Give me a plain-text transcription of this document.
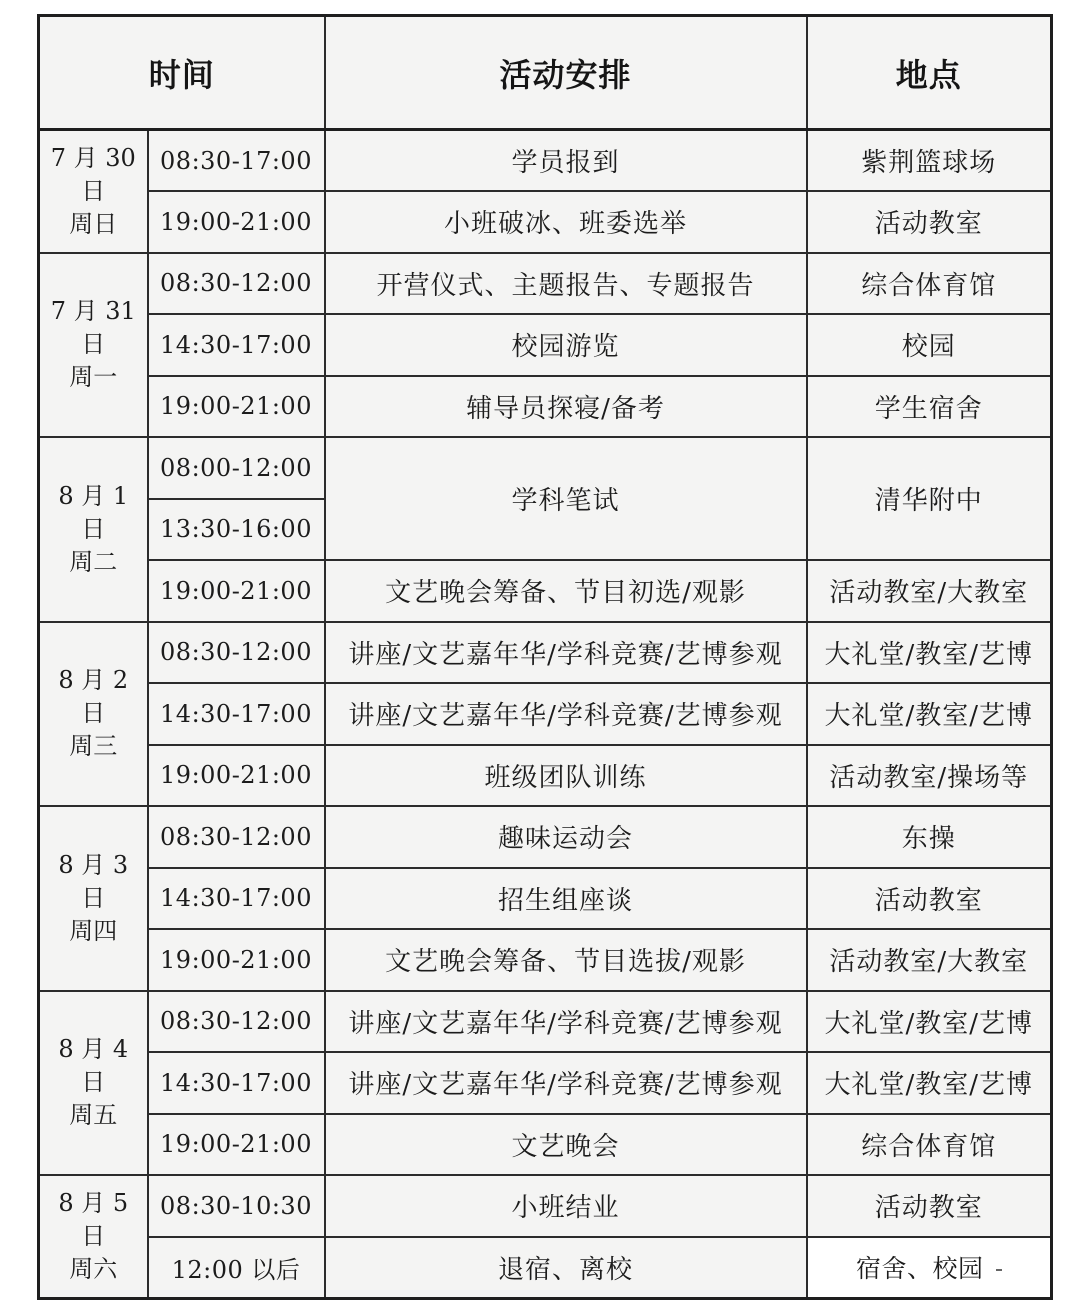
时间		活动安排	地点

7 月 30
日
周日	08:30-17:00	学员报到	紫荆篮球场
	19:00-21:00	小班破冰、班委选举	活动教室

7 月 31
日
周一	08:30-12:00	开营仪式、主题报告、专题报告	综合体育馆
	14:30-17:00	校园游览	校园
	19:00-21:00	辅导员探寝/备考	学生宿舍

8 月 1
日
周二	08:00-12:00	学科笔试	清华附中
	13:30-16:00		
	19:00-21:00	文艺晚会筹备、节目初选/观影	活动教室/大教室

8 月 2
日
周三	08:30-12:00	讲座/文艺嘉年华/学科竞赛/艺博参观	大礼堂/教室/艺博
	14:30-17:00	讲座/文艺嘉年华/学科竞赛/艺博参观	大礼堂/教室/艺博
	19:00-21:00	班级团队训练	活动教室/操场等

8 月 3
日
周四	08:30-12:00	趣味运动会	东操
	14:30-17:00	招生组座谈	活动教室
	19:00-21:00	文艺晚会筹备、节目选拔/观影	活动教室/大教室

8 月 4
日
周五	08:30-12:00	讲座/文艺嘉年华/学科竞赛/艺博参观	大礼堂/教室/艺博
	14:30-17:00	讲座/文艺嘉年华/学科竞赛/艺博参观	大礼堂/教室/艺博
	19:00-21:00	文艺晚会	综合体育馆

8 月 5
日
周六	08:30-10:30	小班结业	活动教室
	12:00 以后	退宿、离校	宿舍、校园
